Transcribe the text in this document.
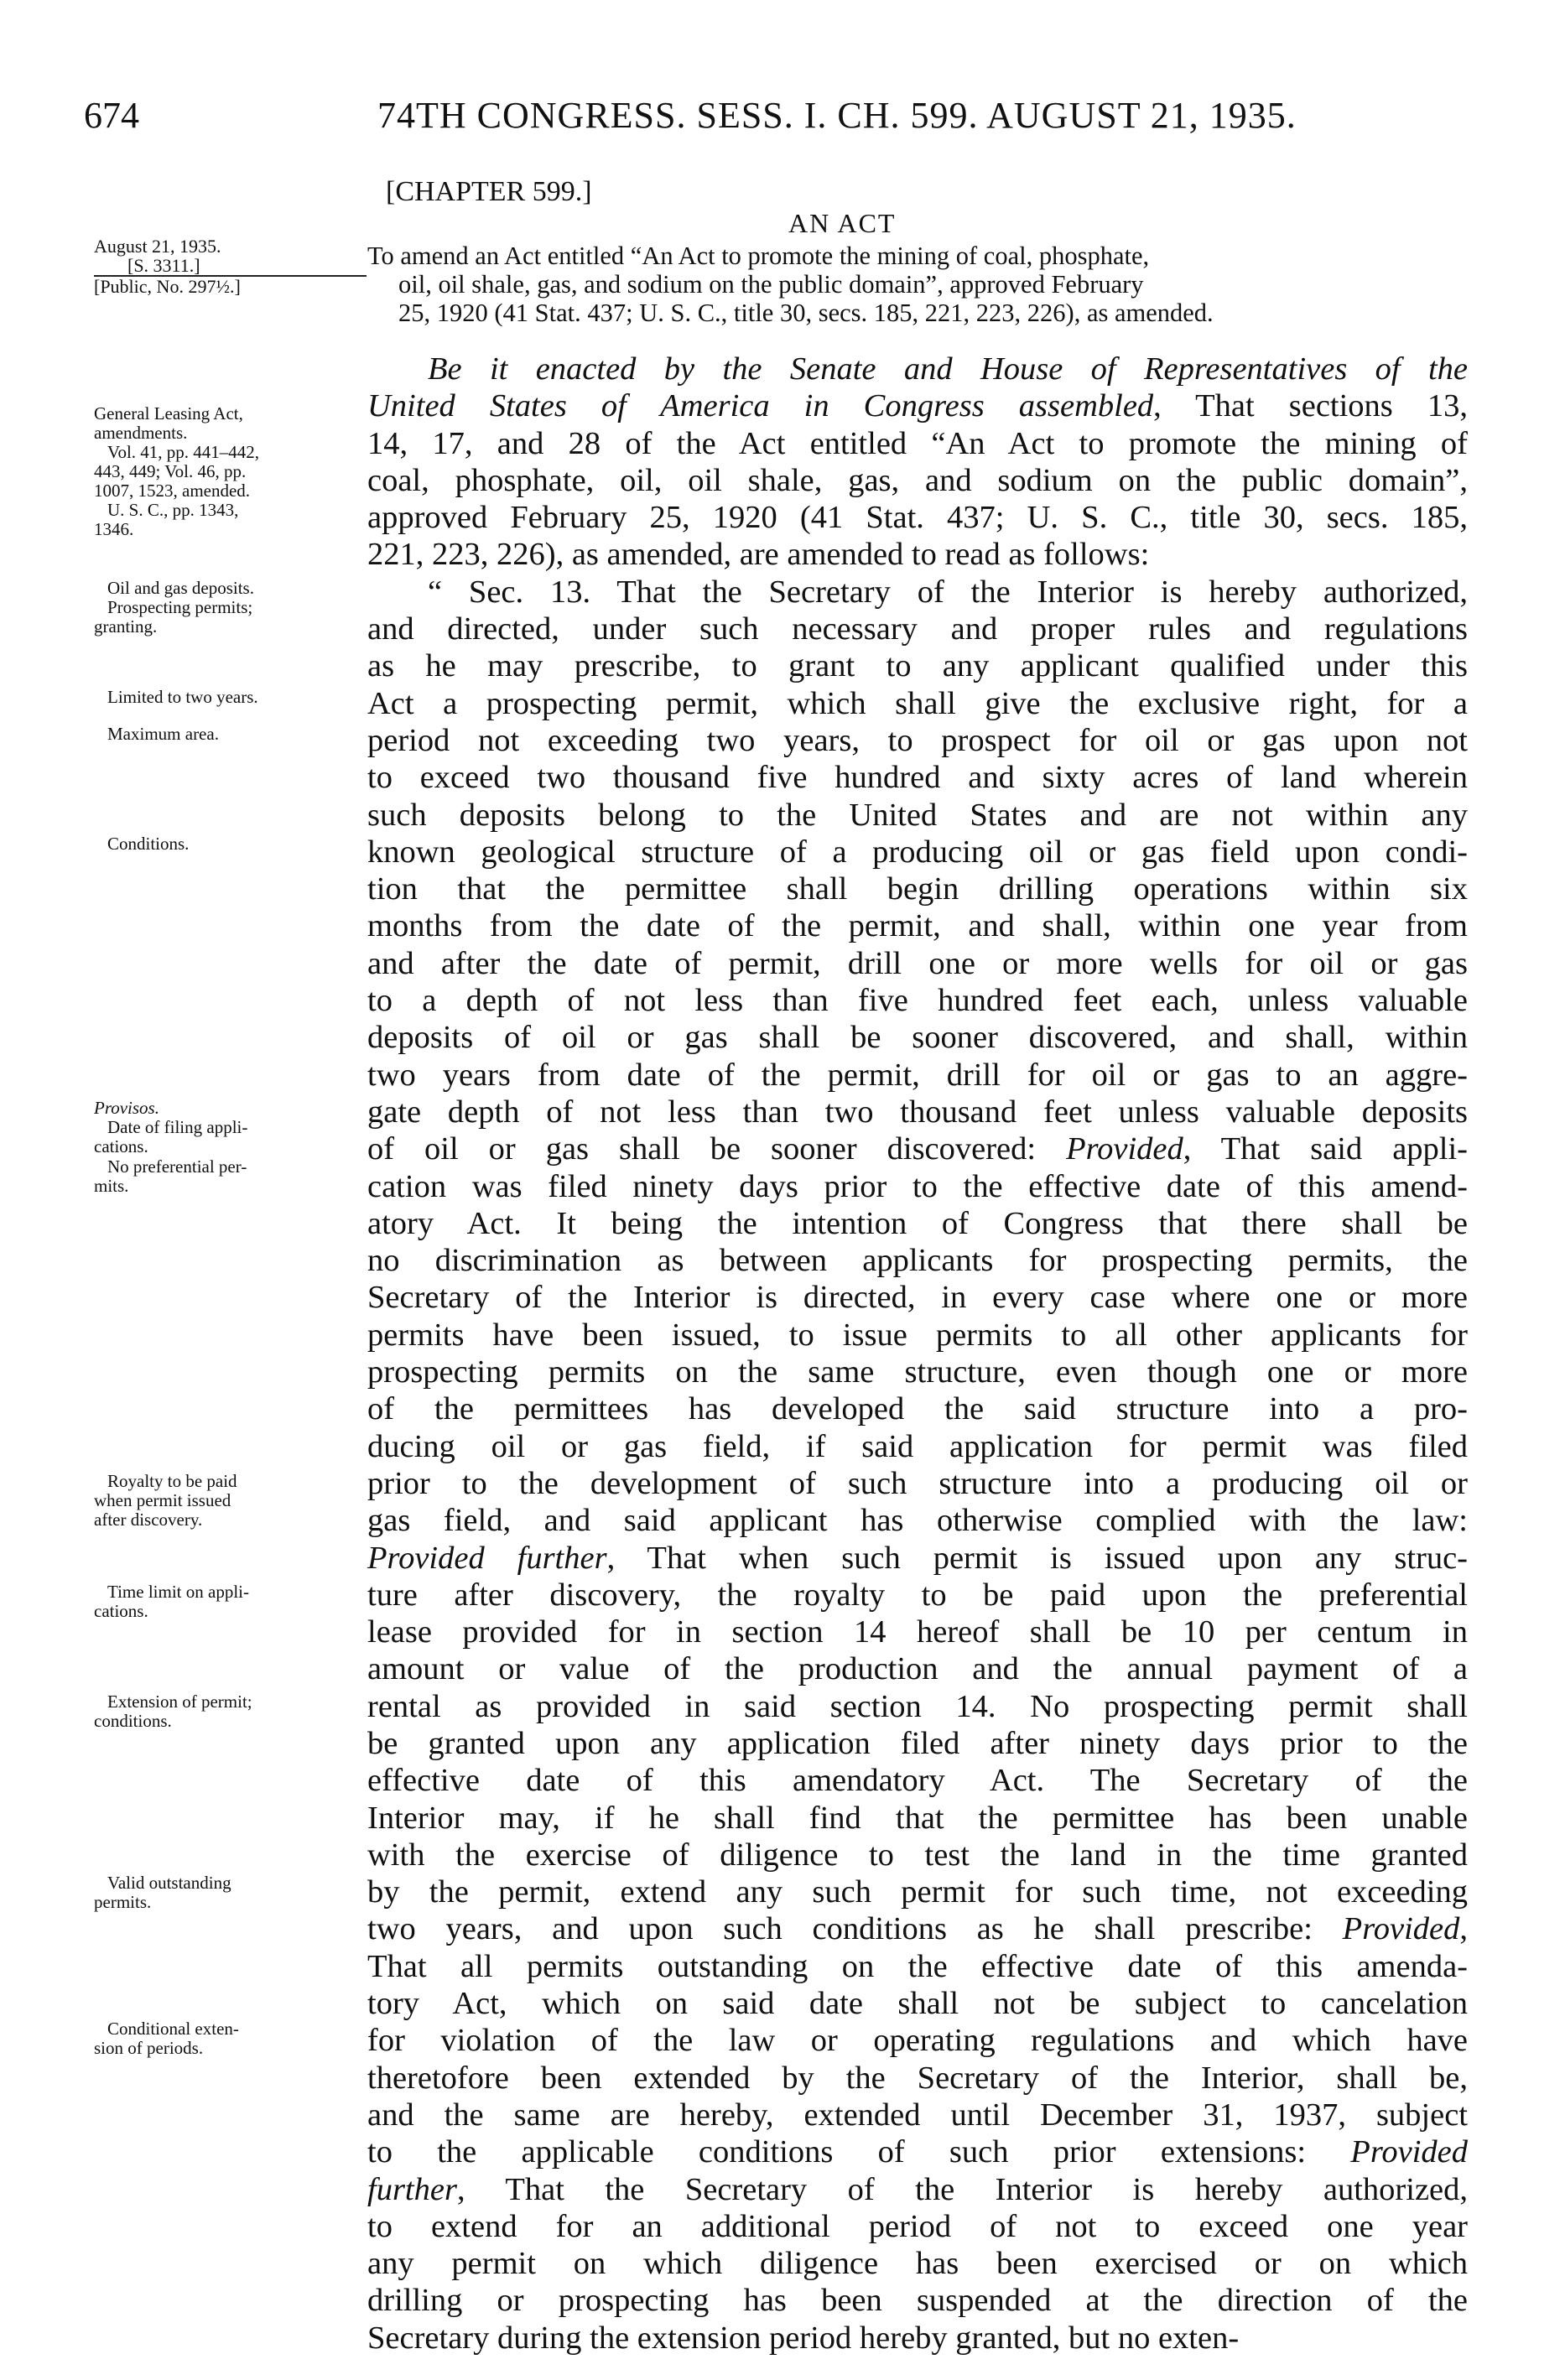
674	74TH CONGRESS. SESS. I. CH. 599. AUGUST 21, 1935.
[CHAPTER 599.]
AN ACT
August 21, 1935.
[S. 3311.]
[Public, No. 297½.]
To amend an Act entitled “An Act to promote the mining of coal, phosphate,
oil, oil shale, gas, and sodium on the public domain”, approved February
25, 1920 (41 Stat. 437; U. S. C., title 30, secs. 185, 221, 223, 226), as amended.
Be it enacted by the Senate and House of Representatives of the
United States of America in Congress assembled, That sections 13,
14, 17, and 28 of the Act entitled “An Act to promote the mining of
coal, phosphate, oil, oil shale, gas, and sodium on the public domain”,
approved February 25, 1920 (41 Stat. 437; U. S. C., title 30, secs. 185,
221, 223, 226), as amended, are amended to read as follows:
“ Sec. 13. That the Secretary of the Interior is hereby authorized,
and directed, under such necessary and proper rules and regulations
as he may prescribe, to grant to any applicant qualified under this
Act a prospecting permit, which shall give the exclusive right, for a
period not exceeding two years, to prospect for oil or gas upon not
to exceed two thousand five hundred and sixty acres of land wherein
such deposits belong to the United States and are not within any
known geological structure of a producing oil or gas field upon condi-
tion that the permittee shall begin drilling operations within six
months from the date of the permit, and shall, within one year from
and after the date of permit, drill one or more wells for oil or gas
to a depth of not less than five hundred feet each, unless valuable
deposits of oil or gas shall be sooner discovered, and shall, within
two years from date of the permit, drill for oil or gas to an aggre-
gate depth of not less than two thousand feet unless valuable deposits
of oil or gas shall be sooner discovered: Provided, That said appli-
cation was filed ninety days prior to the effective date of this amend-
atory Act. It being the intention of Congress that there shall be
no discrimination as between applicants for prospecting permits, the
Secretary of the Interior is directed, in every case where one or more
permits have been issued, to issue permits to all other applicants for
prospecting permits on the same structure, even though one or more
of the permittees has developed the said structure into a pro-
ducing oil or gas field, if said application for permit was filed
prior to the development of such structure into a producing oil or
gas field, and said applicant has otherwise complied with the law:
Provided further, That when such permit is issued upon any struc-
ture after discovery, the royalty to be paid upon the preferential
lease provided for in section 14 hereof shall be 10 per centum in
amount or value of the production and the annual payment of a
rental as provided in said section 14. No prospecting permit shall
be granted upon any application filed after ninety days prior to the
effective date of this amendatory Act. The Secretary of the
Interior may, if he shall find that the permittee has been unable
with the exercise of diligence to test the land in the time granted
by the permit, extend any such permit for such time, not exceeding
two years, and upon such conditions as he shall prescribe: Provided,
That all permits outstanding on the effective date of this amenda-
tory Act, which on said date shall not be subject to cancelation
for violation of the law or operating regulations and which have
theretofore been extended by the Secretary of the Interior, shall be,
and the same are hereby, extended until December 31, 1937, subject
to the applicable conditions of such prior extensions: Provided
further, That the Secretary of the Interior is hereby authorized,
to extend for an additional period of not to exceed one year
any permit on which diligence has been exercised or on which
drilling or prospecting has been suspended at the direction of the
Secretary during the extension period hereby granted, but no exten-
General Leasing Act,
amendments.
Vol. 41, pp. 441–442,
443, 449; Vol. 46, pp.
1007, 1523, amended.
U. S. C., pp. 1343,
1346.
Oil and gas deposits.
Prospecting permits;
granting.
Limited to two years.
Maximum area.
Conditions.
Provisos.
Date of filing appli-
cations.
No preferential per-
mits.
Royalty to be paid
when permit issued
after discovery.
Time limit on appli-
cations.
Extension of permit;
conditions.
Valid outstanding
permits.
Conditional exten-
sion of periods.
